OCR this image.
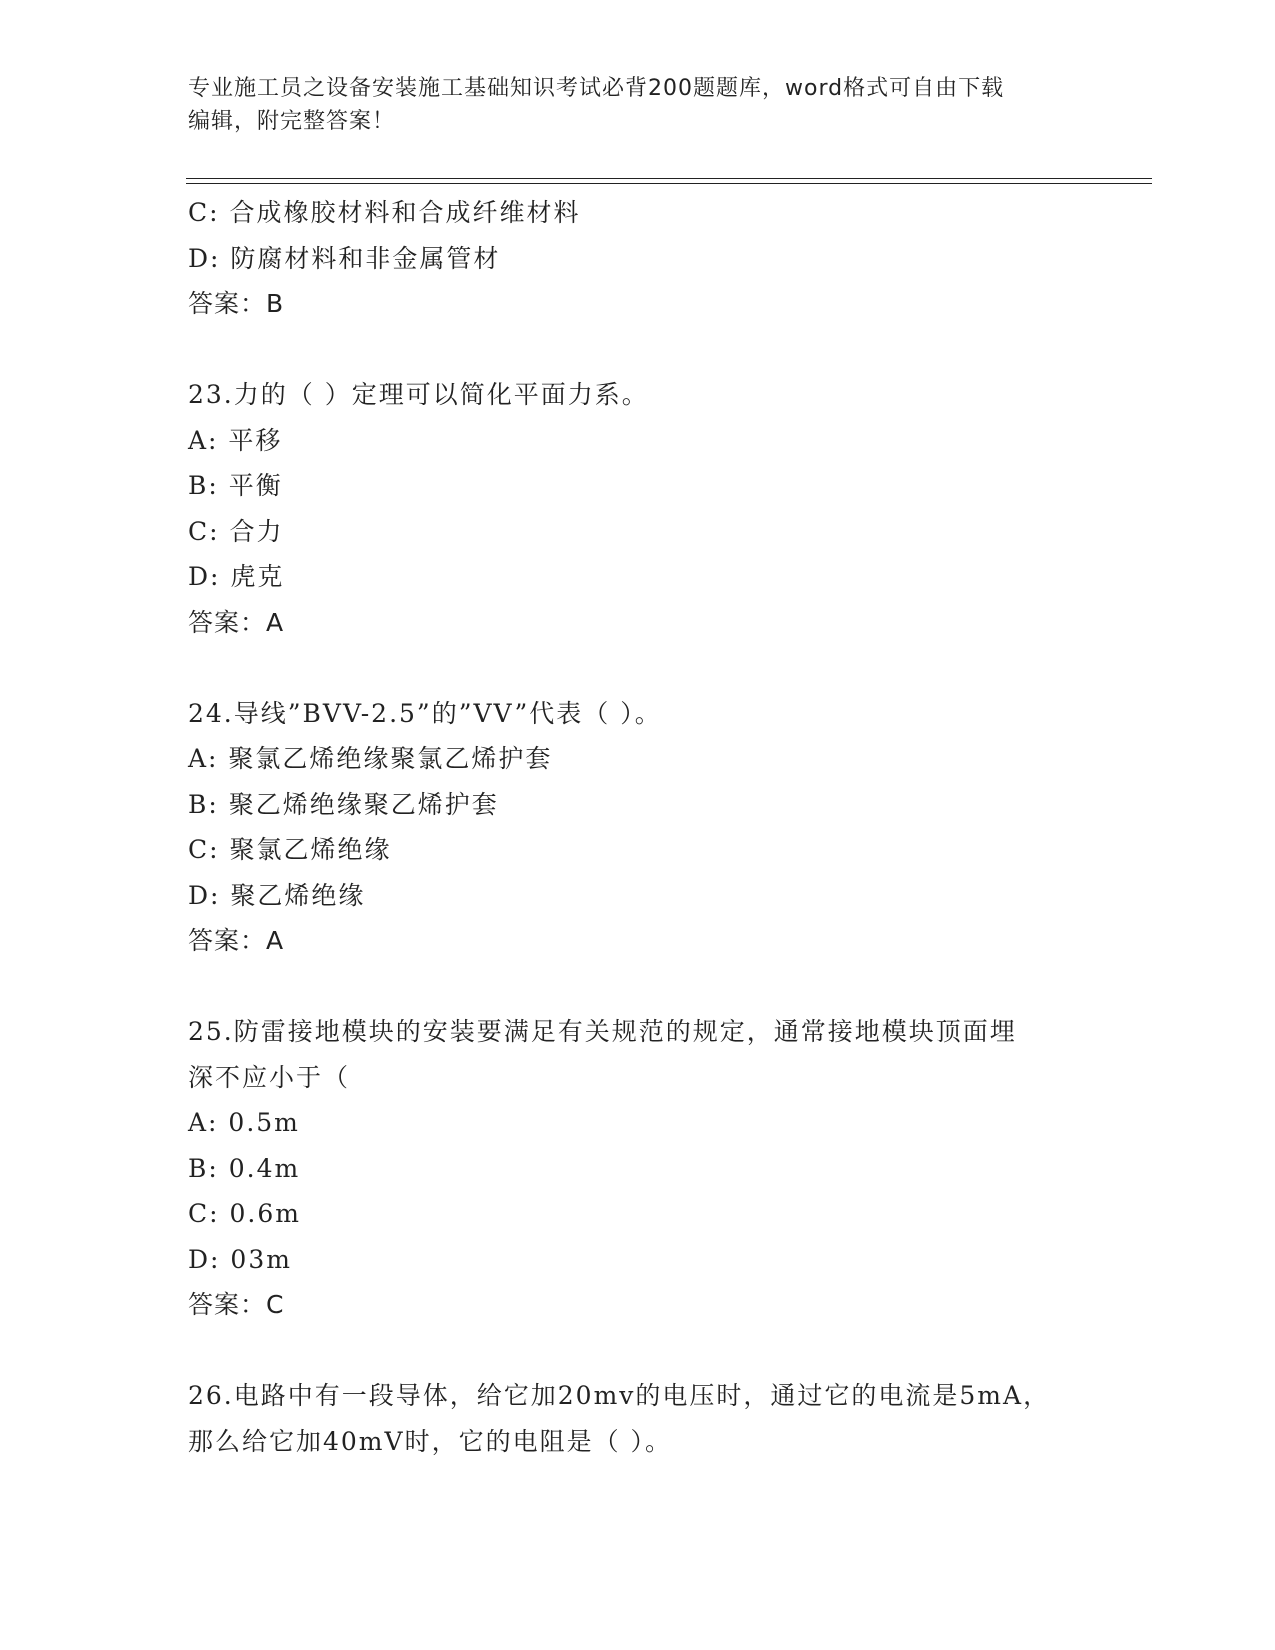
专业施工员之设备安装施工基础知识考试必背200题题库，word格式可自由下载
编辑，附完整答案！
C: 合成橡胶材料和合成纤维材料
D: 防腐材料和非金属管材
答案：B
23.力的（ ）定理可以简化平面力系。
A: 平移
B: 平衡
C: 合力
D: 虎克
答案：A
24.导线”BVV-2.5”的”VV”代表（ ）。
A: 聚氯乙烯绝缘聚氯乙烯护套
B: 聚乙烯绝缘聚乙烯护套
C: 聚氯乙烯绝缘
D: 聚乙烯绝缘
答案：A
25.防雷接地模块的安装要满足有关规范的规定，通常接地模块顶面埋
深不应小于（
A: 0.5m
B: 0.4m
C: 0.6m
D: 03m
答案：C
26.电路中有一段导体，给它加20mv的电压时，通过它的电流是5mA，
那么给它加40mV时，它的电阻是（ ）。
